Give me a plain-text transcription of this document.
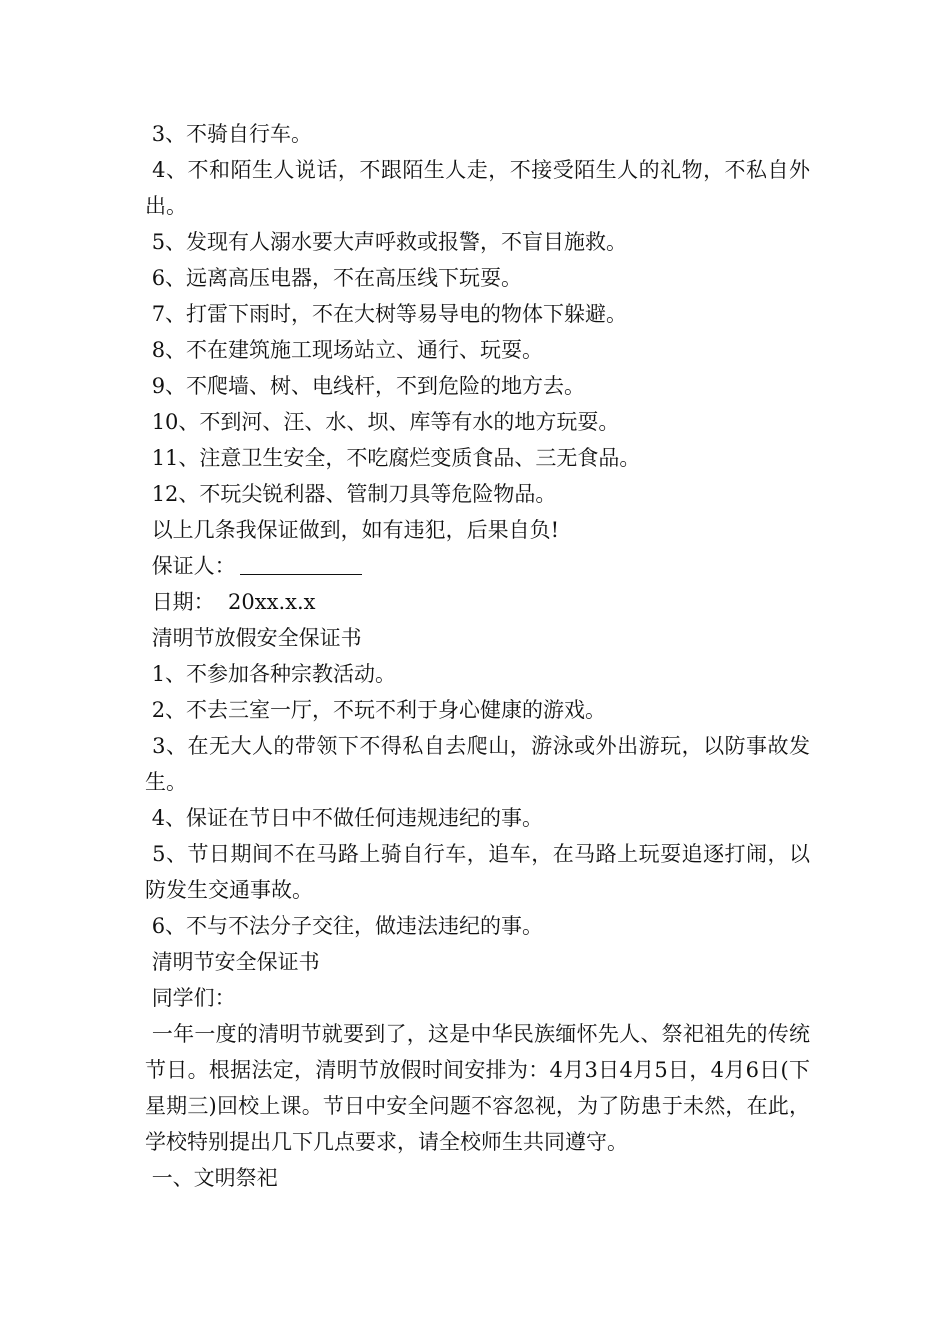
3、不骑自行车。

4、不和陌生人说话，不跟陌生人走，不接受陌生人的礼物，不私自外出。

5、发现有人溺水要大声呼救或报警，不盲目施救。

6、远离高压电器，不在高压线下玩耍。

7、打雷下雨时，不在大树等易导电的物体下躲避。

8、不在建筑施工现场站立、通行、玩耍。

9、不爬墙、树、电线杆，不到危险的地方去。

10、不到河、汪、水、坝、库等有水的地方玩耍。

11、注意卫生安全，不吃腐烂变质食品、三无食品。

12、不玩尖锐利器、管制刀具等危险物品。

以上几条我保证做到，如有违犯，后果自负!

保证人：

日期：  20xx.x.x

清明节放假安全保证书

1、不参加各种宗教活动。

2、不去三室一厅，不玩不利于身心健康的游戏。

3、在无大人的带领下不得私自去爬山，游泳或外出游玩，以防事故发生。

4、保证在节日中不做任何违规违纪的事。

5、节日期间不在马路上骑自行车，追车，在马路上玩耍追逐打闹，以防发生交通事故。

6、不与不法分子交往，做违法违纪的事。

清明节安全保证书

同学们：

一年一度的清明节就要到了，这是中华民族缅怀先人、祭祀祖先的传统节日。根据法定，清明节放假时间安排为：4月3日4月5日，4月6日(下星期三)回校上课。节日中安全问题不容忽视，为了防患于未然，在此，学校特别提出几下几点要求，请全校师生共同遵守。

一、文明祭祀
